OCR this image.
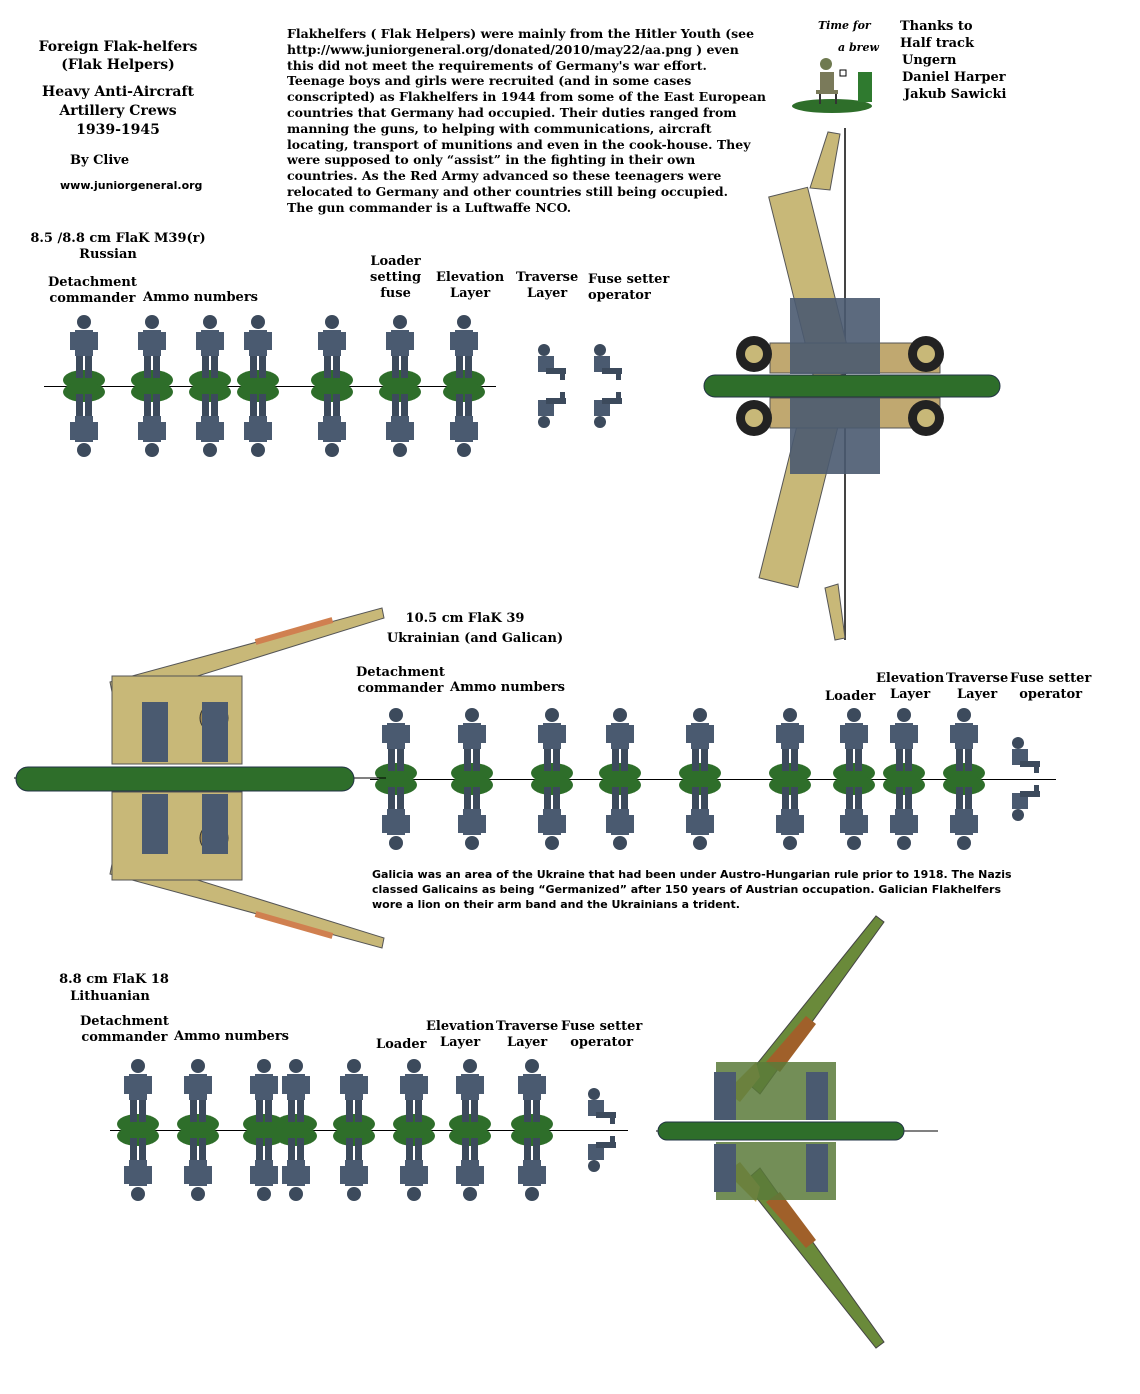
Foreign Flak-helfers
(Flak Helpers)
Heavy Anti-Aircraft
Artillery Crews
1939-1945
By Clive
www.juniorgeneral.org
Flakhelfers ( Flak Helpers) were mainly from the Hitler Youth (see http://www.juniorgeneral.org/donated/2010/may22/aa.png ) even this did not meet the requirements of Germany's war effort. Teenage boys and girls were recruited (and in some cases conscripted) as Flakhelfers in 1944 from some of the East European countries that Germany had occupied. Their duties ranged from manning the guns, to helping with communications, aircraft locating, transport of munitions and even in the cook-house. They were supposed to only “assist” in the fighting in their own countries. As the Red Army advanced so these teenagers were relocated to Germany and other countries still being occupied.
The gun commander is a Luftwaffe NCO.
Time for
a brew
Thanks to
Half track
Ungern
Daniel Harper
Jakub Sawicki
8.5 /8.8 cm FlaK M39(r)
Russian
Detachment
commander Ammo numbers
Loader
setting
fuse
Elevation
Layer
Traverse
Layer
Fuse setter
operator
10.5 cm FlaK 39
Ukrainian (and Galican)
Detachment
commander Ammo numbers
Loader
Elevation
Layer
Traverse
Layer
Fuse setter
operator
Galicia was an area of the Ukraine that had been under Austro-Hungarian rule prior to 1918. The Nazis classed Galicains as being “Germanized” after 150 years of Austrian occupation. Galician Flakhelfers wore a lion on their arm band and the Ukrainians a trident.
8.8 cm FlaK 18
Lithuanian
Detachment
commander Ammo numbers
Loader
Elevation
Layer
Traverse
Layer
Fuse setter
operator
